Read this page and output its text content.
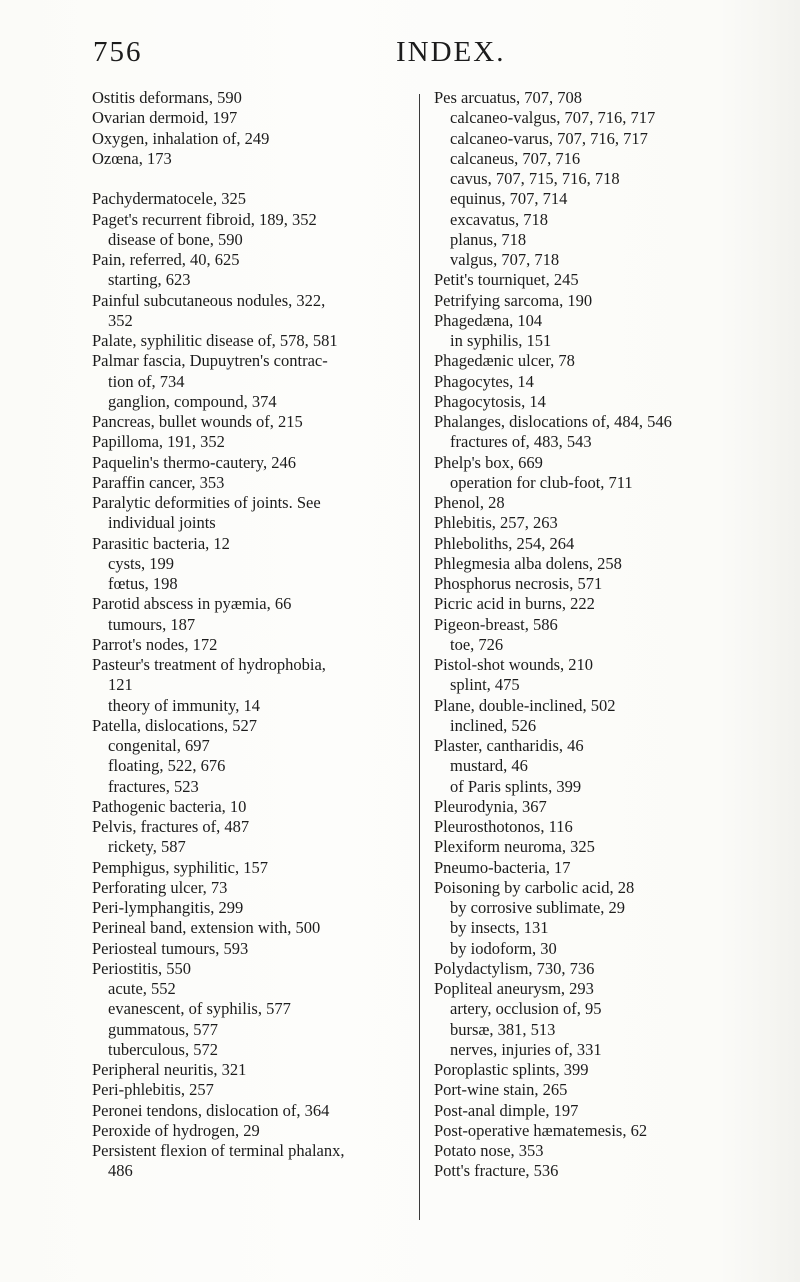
756	INDEX.
Ostitis deformans, 590
Ovarian dermoid, 197
Oxygen, inhalation of, 249
Ozœna, 173
Pachydermatocele, 325
Paget's recurrent fibroid, 189, 352
disease of bone, 590
Pain, referred, 40, 625
starting, 623
Painful subcutaneous nodules, 322,
352
Palate, syphilitic disease of, 578, 581
Palmar fascia, Dupuytren's contrac-
tion of, 734
ganglion, compound, 374
Pancreas, bullet wounds of, 215
Papilloma, 191, 352
Paquelin's thermo-cautery, 246
Paraffin cancer, 353
Paralytic deformities of joints. See
individual joints
Parasitic bacteria, 12
cysts, 199
fœtus, 198
Parotid abscess in pyæmia, 66
tumours, 187
Parrot's nodes, 172
Pasteur's treatment of hydrophobia,
121
theory of immunity, 14
Patella, dislocations, 527
congenital, 697
floating, 522, 676
fractures, 523
Pathogenic bacteria, 10
Pelvis, fractures of, 487
rickety, 587
Pemphigus, syphilitic, 157
Perforating ulcer, 73
Peri-lymphangitis, 299
Perineal band, extension with, 500
Periosteal tumours, 593
Periostitis, 550
acute, 552
evanescent, of syphilis, 577
gummatous, 577
tuberculous, 572
Peripheral neuritis, 321
Peri-phlebitis, 257
Peronei tendons, dislocation of, 364
Peroxide of hydrogen, 29
Persistent flexion of terminal phalanx,
486
Pes arcuatus, 707, 708
calcaneo-valgus, 707, 716, 717
calcaneo-varus, 707, 716, 717
calcaneus, 707, 716
cavus, 707, 715, 716, 718
equinus, 707, 714
excavatus, 718
planus, 718
valgus, 707, 718
Petit's tourniquet, 245
Petrifying sarcoma, 190
Phagedæna, 104
in syphilis, 151
Phagedænic ulcer, 78
Phagocytes, 14
Phagocytosis, 14
Phalanges, dislocations of, 484, 546
fractures of, 483, 543
Phelp's box, 669
operation for club-foot, 711
Phenol, 28
Phlebitis, 257, 263
Phleboliths, 254, 264
Phlegmesia alba dolens, 258
Phosphorus necrosis, 571
Picric acid in burns, 222
Pigeon-breast, 586
toe, 726
Pistol-shot wounds, 210
splint, 475
Plane, double-inclined, 502
inclined, 526
Plaster, cantharidis, 46
mustard, 46
of Paris splints, 399
Pleurodynia, 367
Pleurosthotonos, 116
Plexiform neuroma, 325
Pneumo-bacteria, 17
Poisoning by carbolic acid, 28
by corrosive sublimate, 29
by insects, 131
by iodoform, 30
Polydactylism, 730, 736
Popliteal aneurysm, 293
artery, occlusion of, 95
bursæ, 381, 513
nerves, injuries of, 331
Poroplastic splints, 399
Port-wine stain, 265
Post-anal dimple, 197
Post-operative hæmatemesis, 62
Potato nose, 353
Pott's fracture, 536
